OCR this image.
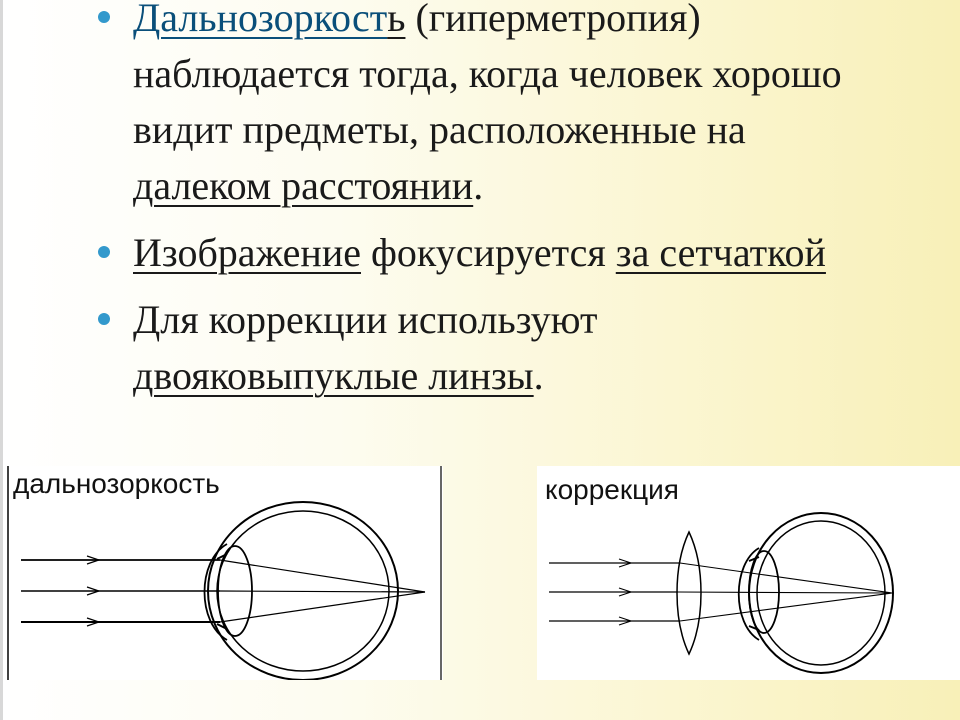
Дальнозоркость (гиперметропия)
наблюдается тогда, когда человек хорошо
видит предметы, расположенные на
далеком расстоянии.
Изображение фокусируется за сетчаткой
Для коррекции используют
двояковыпуклые линзы.
дальнозоркость	коррекция
